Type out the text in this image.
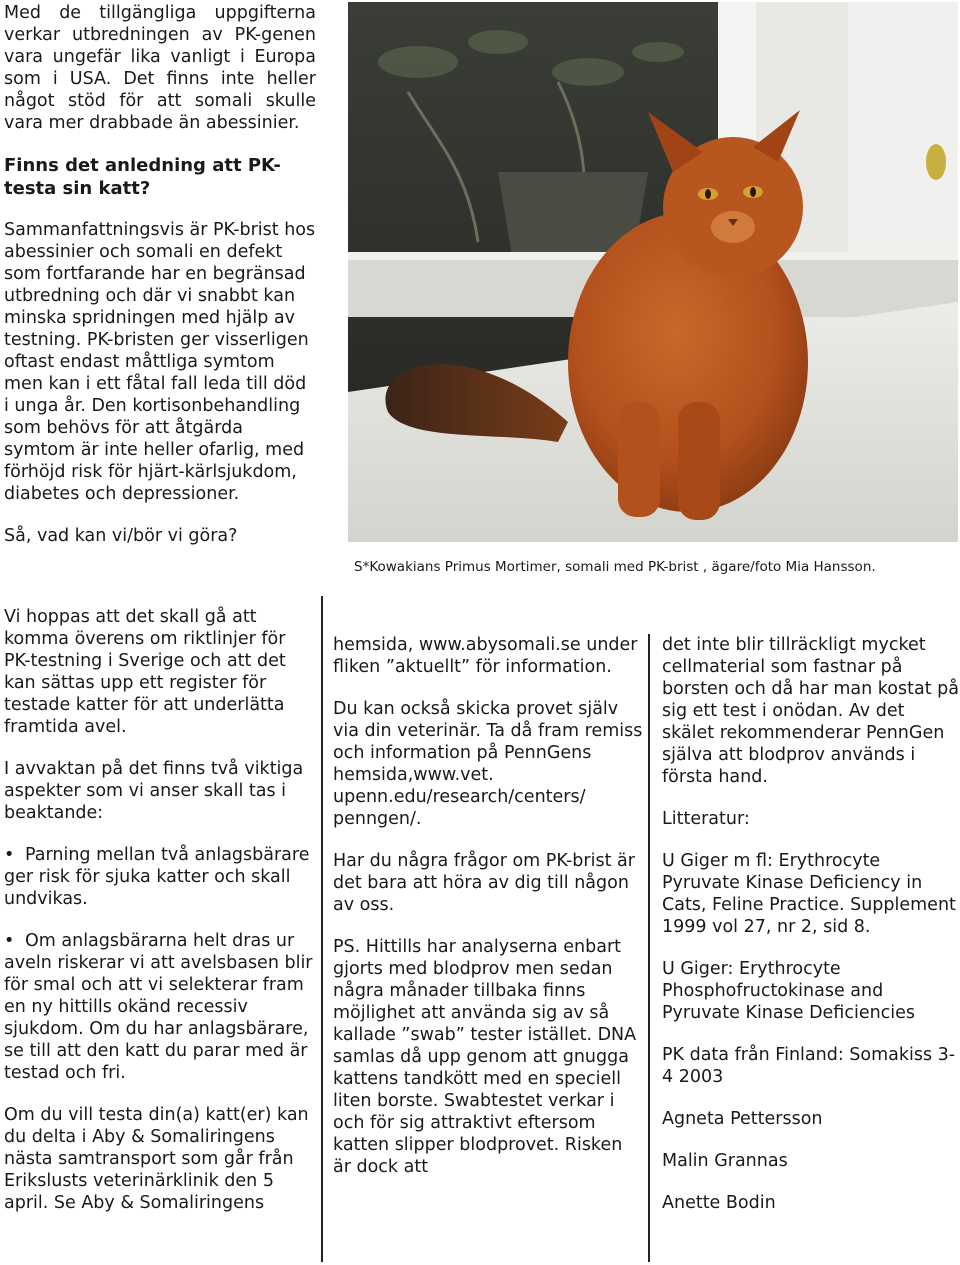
Med de tillgängliga uppgifterna verkar utbredningen av PK-genen vara ungefär lika vanligt i Europa som i USA. Det finns inte heller något stöd för att somali skulle vara mer drabbade än abessinier.

Finns det anledning att PK-testa sin katt?

Sammanfattningsvis är PK-brist hos abessinier och somali en defekt som fortfarande har en begränsad utbredning och där vi snabbt kan minska spridningen med hjälp av testning. PK-bristen ger visserligen oftast endast måttliga symtom men kan i ett fåtal fall leda till död i unga år. Den kortisonbehandling som behövs för att åtgärda symtom är inte heller ofarlig, med förhöjd risk för hjärt-kärlsjukdom, diabetes och depressioner.

Så, vad kan vi/bör vi göra?

S*Kowakians Primus Mortimer, somali med PK-brist , ägare/foto Mia Hansson.

Vi hoppas att det skall gå att komma överens om riktlinjer för PK-testning i Sverige och att det kan sättas upp ett register för testade katter för att underlätta framtida avel.

I avvaktan på det finns två viktiga aspekter som vi anser skall tas i beaktande:

• Parning mellan två anlagsbärare ger risk för sjuka katter och skall undvikas.

• Om anlagsbärarna helt dras ur aveln riskerar vi att avelsbasen blir för smal och att vi selekterar fram en ny hittills okänd recessiv sjukdom. Om du har anlagsbärare, se till att den katt du parar med är testad och fri.

Om du vill testa din(a) katt(er) kan du delta i Aby & Somaliringens nästa samtransport som går från Erikslusts veterinärklinik den 5 april. Se Aby & Somaliringens

hemsida, www.abysomali.se under fliken ”aktuellt” för information.

Du kan också skicka provet själv via din veterinär. Ta då fram remiss och information på PennGens hemsida,www.vet. upenn.edu/research/centers/ penngen/.

Har du några frågor om PK-brist är det bara att höra av dig till någon av oss.

PS. Hittills har analyserna enbart gjorts med blodprov men sedan några månader tillbaka finns möjlighet att använda sig av så kallade ”swab” tester istället. DNA samlas då upp genom att gnugga kattens tandkött med en speciell liten borste. Swabtestet verkar i och för sig attraktivt eftersom katten slipper blodprovet. Risken är dock att

det inte blir tillräckligt mycket cellmaterial som fastnar på borsten och då har man kostat på sig ett test i onödan. Av det skälet rekommenderar PennGen själva att blodprov används i första hand.

Litteratur:

U Giger m fl: Erythrocyte Pyruvate Kinase Deficiency in Cats, Feline Practice. Supplement 1999 vol 27, nr 2, sid 8.

U Giger: Erythrocyte Phosphofructokinase and Pyruvate Kinase Deficiencies

PK data från Finland: Somakiss 3-4 2003

Agneta Pettersson

Malin Grannas

Anette Bodin
